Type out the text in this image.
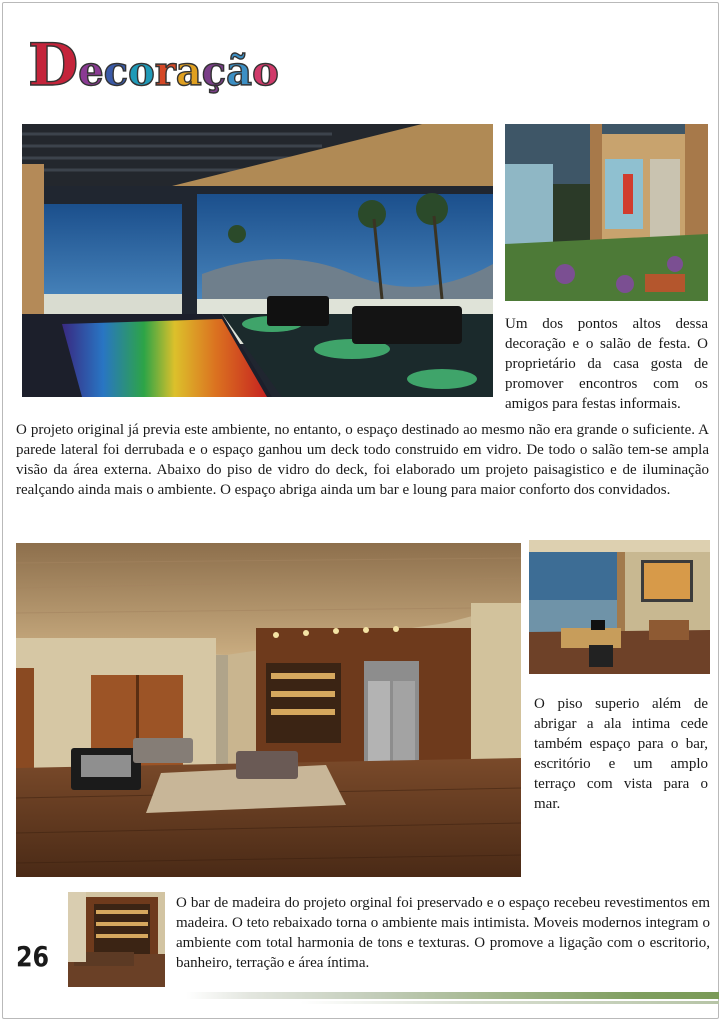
D e c o r a ç ã o
Um dos pontos altos dessa decoração e o salão de festa. O proprietário da casa gosta de promover encontros com os amigos para festas informais.
O projeto original já previa este ambiente, no entanto, o espaço destinado ao mesmo não era grande o suficiente. A parede lateral foi derrubada e o espaço ganhou um deck todo construido em vidro. De todo o salão tem-se ampla visão da área externa. Abaixo do piso de vidro do deck, foi elaborado um projeto paisagistico e de iluminação realçando ainda mais o ambiente. O espaço abriga ainda um bar e loung para maior conforto dos convidados.
O piso superio além de abrigar a ala intima cede também espaço para o bar, escritório e um amplo terraço com vista para o mar.
O bar de madeira do projeto orginal foi preservado e o espaço recebeu revestimentos em madeira. O teto rebaixado torna o ambiente mais intimista. Moveis modernos integram o ambiente com total harmonia de tons e texturas. O promove a ligação com o escritorio, banheiro, terração e área íntima.
26
